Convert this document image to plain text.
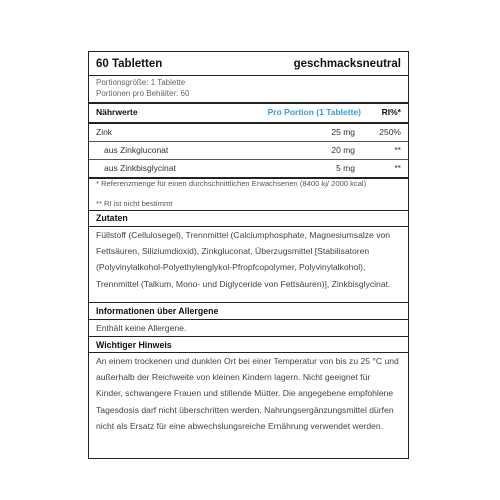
60 Tabletten	geschmacksneutral
Portionsgröße: 1 Tablette
Portionen pro Behälter: 60
Nährwerte	Pro Portion (1 Tablette) RI%*
Zink	25 mg	250%
aus Zinkgluconat	20 mg	**
aus Zinkbisglycinat	5 mg	**
* Referenzmenge für einen durchschnittlichen Erwachsenen (8400 kj/ 2000 kcal)
** RI ist nicht bestimmt
Zutaten
Füllstoff (Cellulosegel), Trennmittel (Calciumphosphate, Magnesiumsalze von Fettsäuren, Siliziumdioxid), Zinkgluconat, Überzugsmittel [Stabilisatoren (Polyvinylalkohol-Polyethylenglykol-Pfropfcopolymer, Polyvinylalkohol), Trennmittel (Talkum, Mono- und Diglyceride von Fettsäuren)], Zinkbisglycinat.
Informationen über Allergene
Enthält keine Allergene.
Wichtiger Hinweis
An einem trockenen und dunklen Ort bei einer Temperatur von bis zu 25 °C und außerhalb der Reichweite von kleinen Kindern lagern. Nicht geeignet für Kinder, schwangere Frauen und stillende Mütter. Die angegebene empfohlene Tagesdosis darf nicht überschritten werden. Nahrungsergänzungsmittel dürfen nicht als Ersatz für eine abwechslungsreiche Ernährung verwendet werden.
